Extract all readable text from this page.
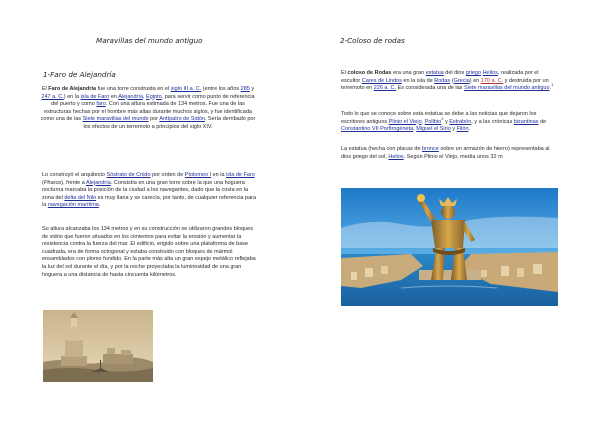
Maravillas del mundo antiguo
1-Faro de Alejandría

El Faro de Alejandría fue una torre construida en el siglo III a. C. (entre los años 285 y 247 a. C.) en la isla de Faro en Alejandría, Egipto, para servir como punto de referencia del puerto y como faro. Con una altura estimada de 134 metros. Fue una de las estructuras hechas por el hombre más altas durante muchos siglos, y fue identificada como una de las Siete maravillas del mundo por Antípatro de Sidón. Sería derribado por los efectos de un terremoto a principios del siglo XIV.

Lo construyó el arquitecto Sóstrato de Cnido por orden de Ptolomeo I en la isla de Faro (Pharos), frente a Alejandría. Consistía en una gran torre sobre la que una hoguera nocturna marcaba la posición de la ciudad a los navegantes, dado que la costa en la zona del delta del Nilo es muy llana y se carecía, por tanto, de cualquier referencia para la navegación marítima.

Su altura alcanzaba los 134 metros y en su construcción se utilizaron grandes bloques de vidrio que fueron situados en los cimientos para evitar la erosión y aumentar la resistencia contra la fuerza del mar. El edificio, erigido sobre una plataforma de base cuadrada, era de forma octogonal y estaba construido con bloques de mármol ensamblados con plomo fundido. En la parte más alta un gran espejo metálico reflejaba la luz del sol durante el día, y por la noche proyectaba la luminosidad de una gran hoguera a una distancia de hasta cincuenta kilómetros.

2-Coloso de rodas

El coloso de Rodas era una gran estatua del dios griego Helios, realizada por el escultor Cares de Lindos en la isla de Rodas (Grecia) en 170 a. C. y destruida por un terremoto en 226 a. C. Es considerada una de las Siete maravillas del mundo antiguo.$^1$

Todo lo que se conoce sobre esta estatua se debe a las noticias que dejaron los escritores antiguos Plinio el Viejo, Polibio$^2$ y Estrabón, y a las crónicas bizantinas de Constantino VII Porfirogéneta, Miguel el Sirio y Filón.

La estatua (hecha con placas de bronce sobre un armazón de hierro) representaba al dios griego del sol, Helios. Según Plinio el Viejo, medía unos 32 m
